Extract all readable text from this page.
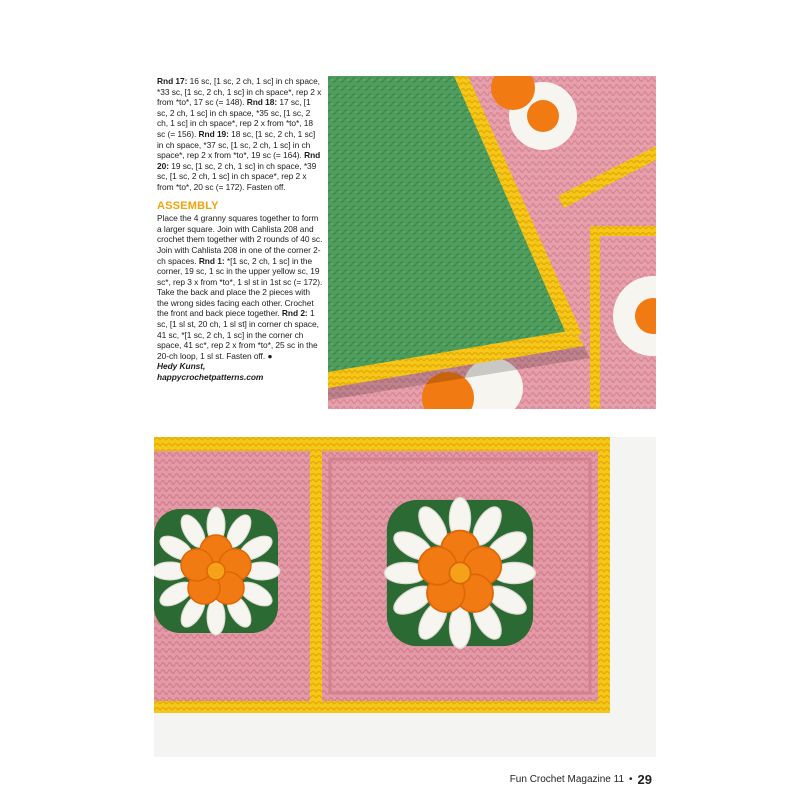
Rnd 17: 16 sc, [1 sc, 2 ch, 1 sc] in ch space, *33 sc, [1 sc, 2 ch, 1 sc] in ch space*, rep 2 x from *to*, 17 sc (= 148). Rnd 18: 17 sc, [1 sc, 2 ch, 1 sc] in ch space, *35 sc, [1 sc, 2 ch, 1 sc] in ch space*, rep 2 x from *to*, 18 sc (= 156). Rnd 19: 18 sc, [1 sc, 2 ch, 1 sc] in ch space, *37 sc, [1 sc, 2 ch, 1 sc] in ch space*, rep 2 x from *to*, 19 sc (= 164). Rnd 20: 19 sc, [1 sc, 2 ch, 1 sc] in ch space, *39 sc, [1 sc, 2 ch, 1 sc] in ch space*, rep 2 x from *to*, 20 sc (= 172). Fasten off.

ASSEMBLY

Place the 4 granny squares together to form a larger square. Join with Cahlista 208 and crochet them together with 2 rounds of 40 sc. Join with Cahlista 208 in one of the corner 2-ch spaces. Rnd 1: *[1 sc, 2 ch, 1 sc] in the corner, 19 sc, 1 sc in the upper yellow sc, 19 sc*, rep 3 x from *to*, 1 sl st in 1st sc (= 172). Take the back and place the 2 pieces with the wrong sides facing each other. Crochet the front and back piece together. Rnd 2: 1 sc, [1 sl st, 20 ch, 1 sl st] in corner ch space, 41 sc, *[1 sc, 2 ch, 1 sc] in the corner ch space, 41 sc*, rep 2 x from *to*, 25 sc in the 20-ch loop, 1 sl st. Fasten off. ●

Hedy Kunst,

happycrochetpatterns.com

Fun Crochet Magazine 11 • 29
